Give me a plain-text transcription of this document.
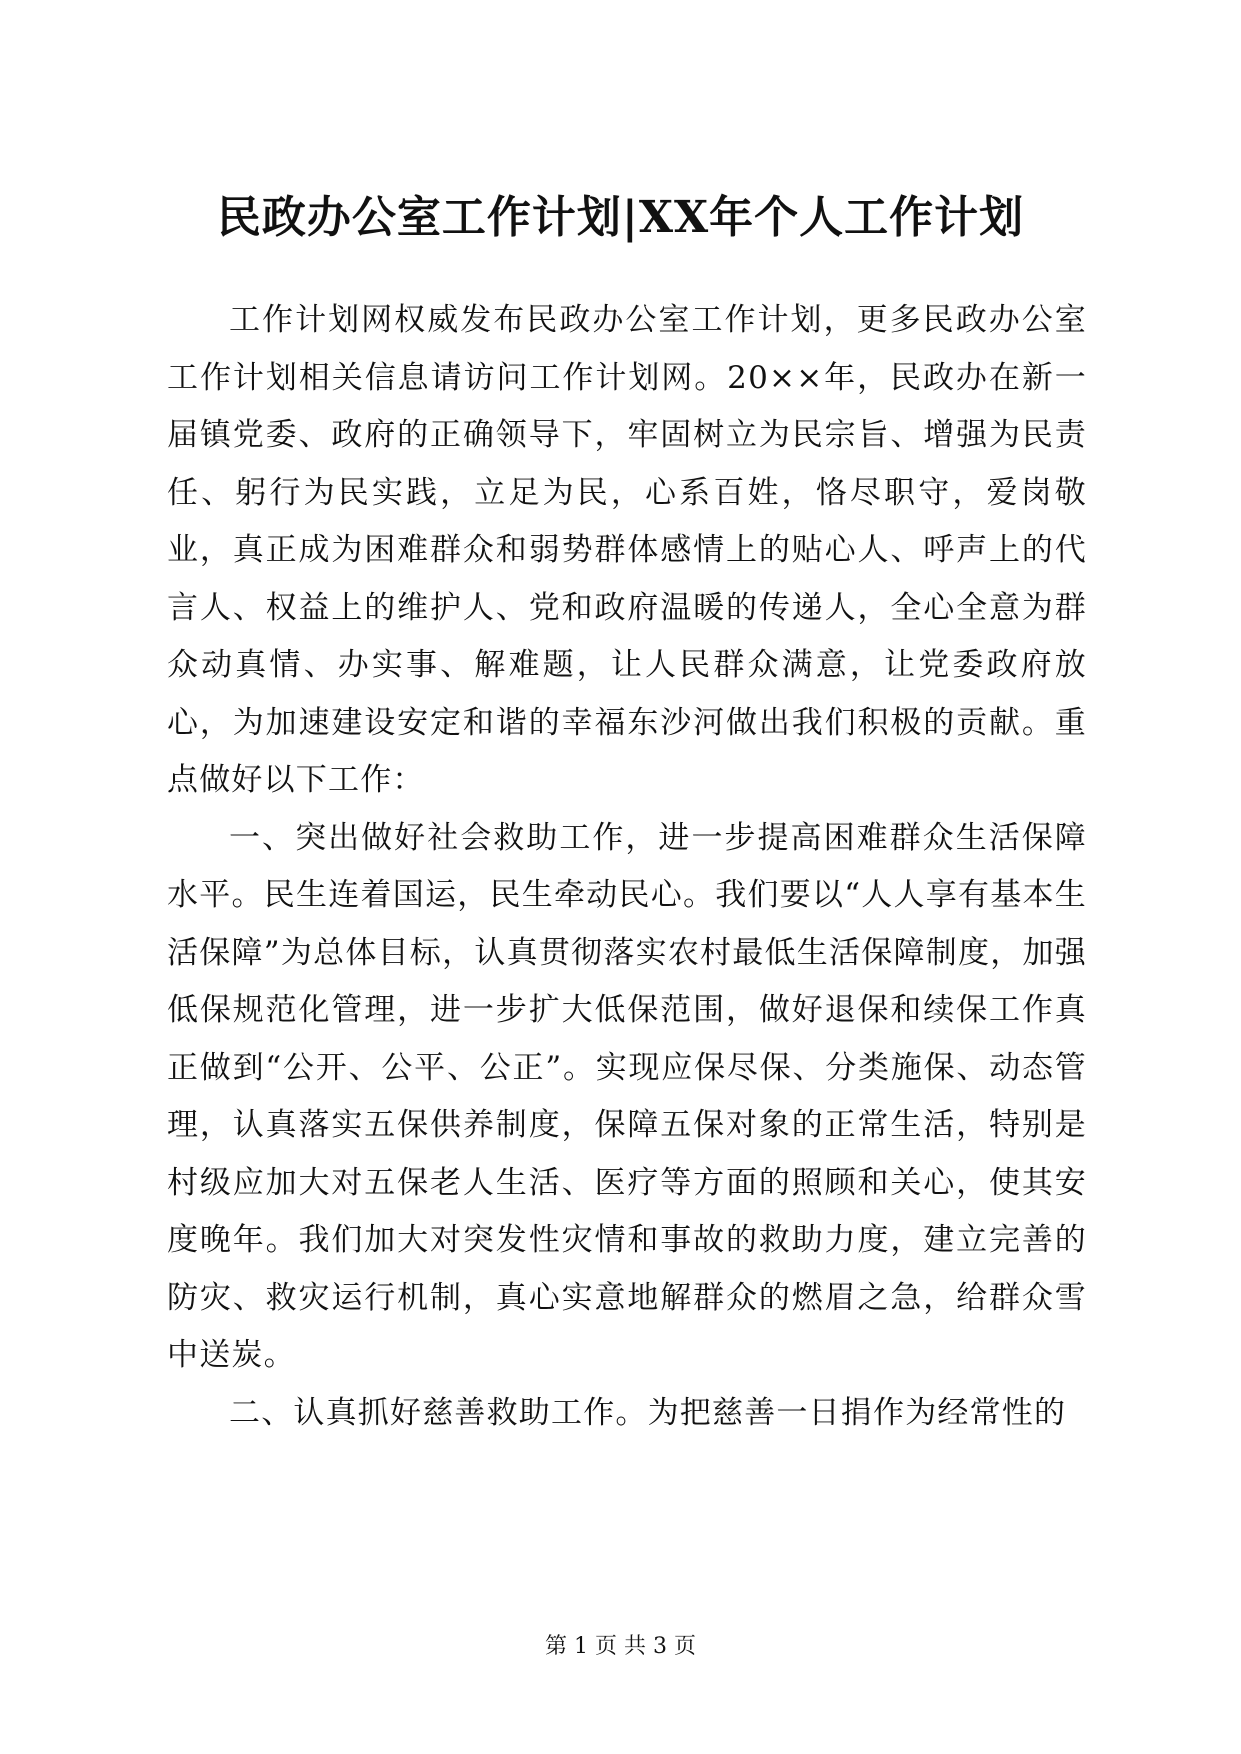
民政办公室工作计划|XX年个人工作计划

工作计划网权威发布民政办公室工作计划，更多民政办公室工作计划相关信息请访问工作计划网。20××年，民政办在新一届镇党委、政府的正确领导下，牢固树立为民宗旨、增强为民责任、躬行为民实践，立足为民，心系百姓，恪尽职守，爱岗敬业，真正成为困难群众和弱势群体感情上的贴心人、呼声上的代言人、权益上的维护人、党和政府温暖的传递人，全心全意为群众动真情、办实事、解难题，让人民群众满意，让党委政府放心，为加速建设安定和谐的幸福东沙河做出我们积极的贡献。重点做好以下工作：

一、突出做好社会救助工作，进一步提高困难群众生活保障水平。民生连着国运，民生牵动民心。我们要以“人人享有基本生活保障”为总体目标，认真贯彻落实农村最低生活保障制度，加强低保规范化管理，进一步扩大低保范围，做好退保和续保工作真正做到“公开、公平、公正”。实现应保尽保、分类施保、动态管理，认真落实五保供养制度，保障五保对象的正常生活，特别是村级应加大对五保老人生活、医疗等方面的照顾和关心，使其安度晚年。我们加大对突发性灾情和事故的救助力度，建立完善的防灾、救灾运行机制，真心实意地解群众的燃眉之急，给群众雪中送炭。

二、认真抓好慈善救助工作。为把慈善一日捐作为经常性的

第 1 页 共 3 页
